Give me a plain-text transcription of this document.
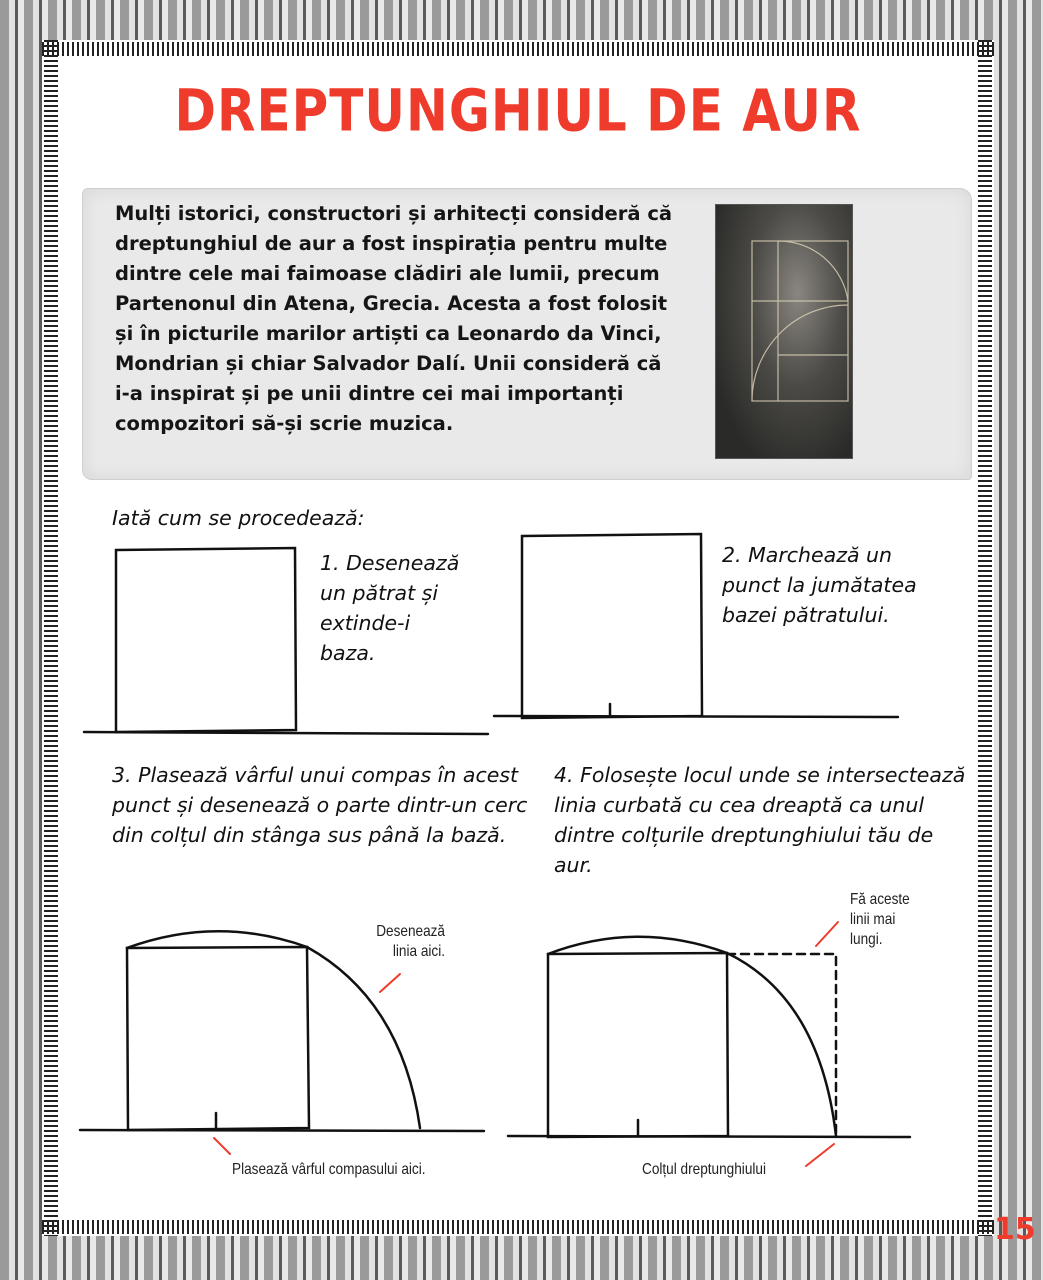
DREPTUNGHIUL DE AUR

Mulți istorici, constructori și arhitecți consideră că dreptunghiul de aur a fost inspirația pentru multe dintre cele mai faimoase clădiri ale lumii, precum Partenonul din Atena, Grecia. Acesta a fost folosit și în picturile marilor artiști ca Leonardo da Vinci, Mondrian și chiar Salvador Dalí. Unii consideră că i-a inspirat și pe unii dintre cei mai importanți compozitori să-și scrie muzica.

Iată cum se procedează:

1. Desenează un pătrat și extinde-i baza.

2. Marchează un punct la jumătatea bazei pătratului.

3. Plasează vârful unui compas în acest punct și desenează o parte dintr-un cerc din colțul din stânga sus până la bază.

4. Folosește locul unde se intersectează linia curbată cu cea dreaptă ca unul dintre colțurile dreptunghiului tău de aur.

Desenează linia aici.
Plasează vârful compasului aici.
Fă aceste linii mai lungi.
Colțul dreptunghiului
15
